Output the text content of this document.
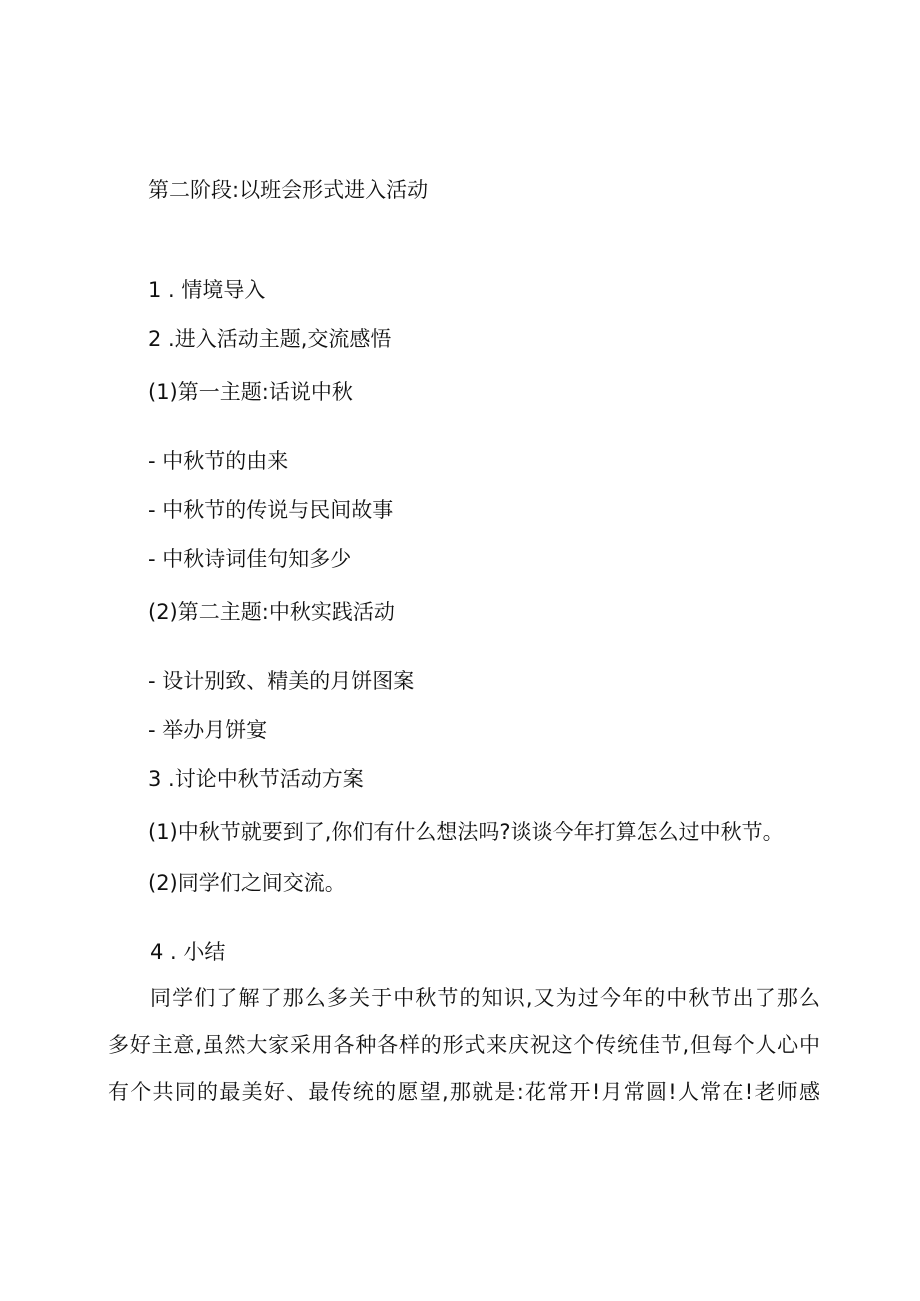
第二阶段:以班会形式进入活动

1 . 情境导入

2 .进入活动主题,交流感悟

(1)第一主题:话说中秋

- 中秋节的由来

- 中秋节的传说与民间故事

- 中秋诗词佳句知多少

(2)第二主题:中秋实践活动

- 设计别致、精美的月饼图案

- 举办月饼宴

3 .讨论中秋节活动方案

(1)中秋节就要到了,你们有什么想法吗?谈谈今年打算怎么过中秋节。

(2)同学们之间交流。

4 . 小结

同学们了解了那么多关于中秋节的知识,又为过今年的中秋节出了那么
多好主意,虽然大家采用各种各样的形式来庆祝这个传统佳节,但每个人心中
有个共同的最美好、最传统的愿望,那就是:花常开!月常圆!人常在!老师感
